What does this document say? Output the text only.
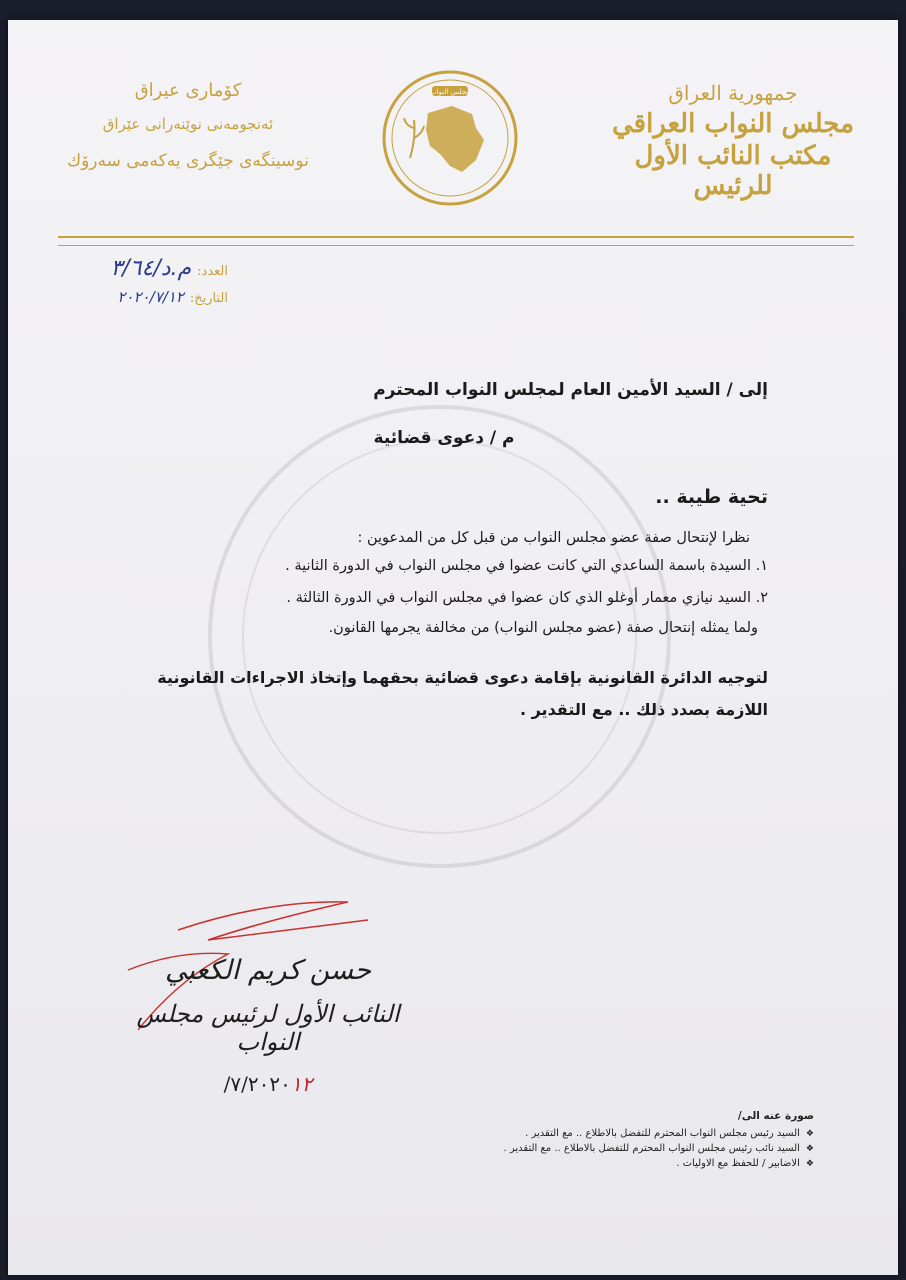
جمهورية العراق
مجلس النواب العراقي
مكتب النائب الأول للرئيس
مجلس النواب
كۆماری عیراق
ئەنجومەنی نوێنەرانی عێراق
نوسینگەی جێگری یەکەمی سەرۆك
العدد:
م.د/٣/٦٤
التاريخ:
٢٠٢٠/٧/١٢
إلى / السيد الأمين العام لمجلس النواب المحترم
م / دعوى قضائية
تحية طيبة ..
نظرا لإنتحال صفة عضو مجلس النواب من قبل كل من المدعوين :
١. السيدة باسمة الساعدي التي كانت عضوا في مجلس النواب في الدورة الثانية .
٢. السيد نيازي معمار أوغلو الذي كان عضوا في مجلس النواب في الدورة الثالثة .
ولما يمثله إنتحال صفة (عضو مجلس النواب) من مخالفة يجرمها القانون.
لتوجيه الدائرة القانونية بإقامة دعوى قضائية بحقهما وإتخاذ الاجراءات القانونية اللازمة بصدد ذلك .. مع التقدير .
حسن كريم الكعبي
النائب الأول لرئيس مجلس النواب
/٧/٢٠٢٠١٢
صورة عنه الى/
❖
السيد رئيس مجلس النواب المحترم للتفضل بالاطلاع .. مع التقدير .
❖
السيد نائب رئيس مجلس النواب المحترم للتفضل بالاطلاع .. مع التقدير .
❖
الاضابير / للحفظ مع الاوليات .
